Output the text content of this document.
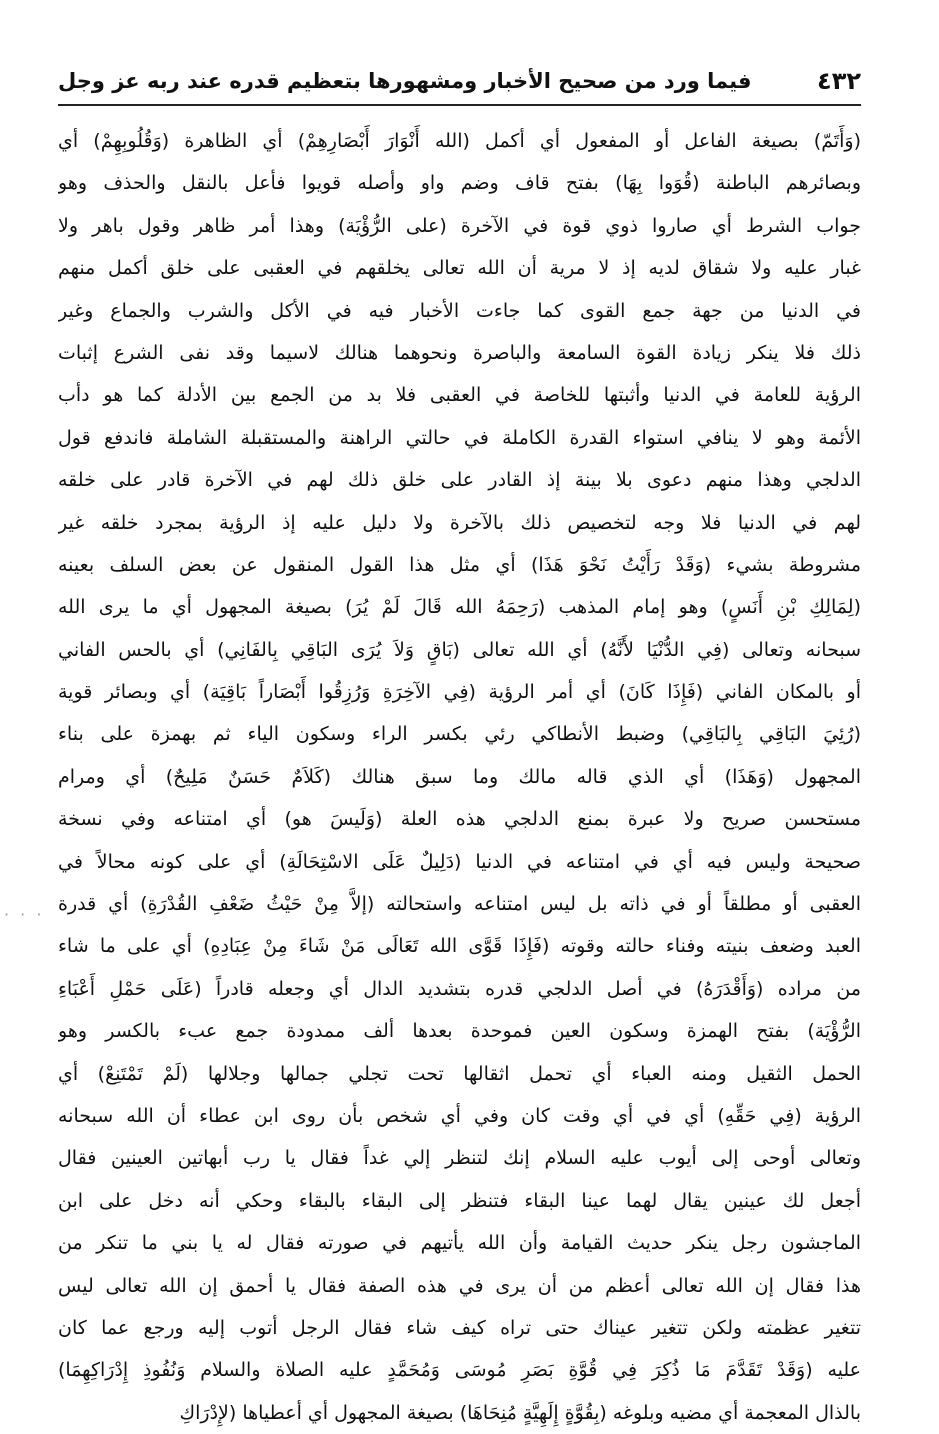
٤٣٢
فيما ورد من صحيح الأخبار ومشهورها بتعظيم قدره عند ربه عز وجل
(وَأَتَمّ) بصيغة الفاعل أو المفعول أي أكمل (الله أَنْوَارَ أَبْصَارِهِمْ) أي الظاهرة (وَقُلُوبِهِمْ) أي
وبصائرهم الباطنة (قُوَوا بِهَا) بفتح قاف وضم واو وأصله قويوا فأعل بالنقل والحذف وهو
جواب الشرط أي صاروا ذوي قوة في الآخرة (على الرُّؤْيَة) وهذا أمر ظاهر وقول باهر ولا
غبار عليه ولا شقاق لديه إذ لا مرية أن الله تعالى يخلقهم في العقبى على خلق أكمل منهم
في الدنيا من جهة جمع القوى كما جاءت الأخبار فيه في الأكل والشرب والجماع وغير
ذلك فلا ينكر زيادة القوة السامعة والباصرة ونحوهما هنالك لاسيما وقد نفى الشرع إثبات
الرؤية للعامة في الدنيا وأثبتها للخاصة في العقبى فلا بد من الجمع بين الأدلة كما هو دأب
الأئمة وهو لا ينافي استواء القدرة الكاملة في حالتي الراهنة والمستقبلة الشاملة فاندفع قول
الدلجي وهذا منهم دعوى بلا بينة إذ القادر على خلق ذلك لهم في الآخرة قادر على خلقه
لهم في الدنيا فلا وجه لتخصيص ذلك بالآخرة ولا دليل عليه إذ الرؤية بمجرد خلقه غير
مشروطة بشيء (وَقَدْ رَأَيْتُ نَحْوَ هَذَا) أي مثل هذا القول المنقول عن بعض السلف بعينه
(لِمَالِكِ بْنِ أَنَسٍ) وهو إمام المذهب (رَحِمَهُ الله قَالَ لَمْ يُرَ) بصيغة المجهول أي ما يرى الله
سبحانه وتعالى (فِي الدُّنْيَا لأَنَّهُ) أي الله تعالى (بَاقٍ وَلاَ يُرَى البَاقِي بِالفَانِي) أي بالحس الفاني
أو بالمكان الفاني (فَإِذَا كَانَ) أي أمر الرؤية (فِي الآخِرَةِ وَرُزِقُوا أَبْصَاراً بَاقِيَة) أي وبصائر قوية
(رُئِيَ البَاقِي بِالبَاقِي) وضبط الأنطاكي رئي بكسر الراء وسكون الياء ثم بهمزة على بناء
المجهول (وَهَذَا) أي الذي قاله مالك وما سبق هنالك (كَلاَمٌ حَسَنٌ مَلِيحٌ) أي ومرام
مستحسن صريح ولا عبرة بمنع الدلجي هذه العلة (وَلَيسَ هو) أي امتناعه وفي نسخة
صحيحة وليس فيه أي في امتناعه في الدنيا (دَلِيلٌ عَلَى الاسْتِحَالَةِ) أي على كونه محالاً في
العقبى أو مطلقاً أو في ذاته بل ليس امتناعه واستحالته (إلاَّ مِنْ حَيْثُ ضَعْفِ القُدْرَةِ) أي قدرة
العبد وضعف بنيته وفناء حالته وقوته (فَإِذَا قَوَّى الله تَعَالَى مَنْ شَاءَ مِنْ عِبَادِهِ) أي على ما شاء
من مراده (وَأَقْدَرَهُ) في أصل الدلجي قدره بتشديد الدال أي وجعله قادراً (عَلَى حَمْلِ أَعْبَاءِ
الرُّؤْيَة) بفتح الهمزة وسكون العين فموحدة بعدها ألف ممدودة جمع عبء بالكسر وهو
الحمل الثقيل ومنه العباء أي تحمل اثقالها تحت تجلي جمالها وجلالها (لَمْ تَمْتَنِعْ) أي
الرؤية (فِي حَقِّهِ) أي في أي وقت كان وفي أي شخص بأن روى ابن عطاء أن الله سبحانه
وتعالى أوحى إلى أيوب عليه السلام إنك لتنظر إلي غداً فقال يا رب أبهاتين العينين فقال
أجعل لك عينين يقال لهما عينا البقاء فتنظر إلى البقاء بالبقاء وحكي أنه دخل على ابن
الماجشون رجل ينكر حديث القيامة وأن الله يأتيهم في صورته فقال له يا بني ما تنكر من
هذا فقال إن الله تعالى أعظم من أن يرى في هذه الصفة فقال يا أحمق إن الله تعالى ليس
تتغير عظمته ولكن تتغير عيناك حتى تراه كيف شاء فقال الرجل أتوب إليه ورجع عما كان
عليه (وَقَدْ تَقَدَّمَ مَا ذُكِرَ فِي قُوَّةِ بَصَرِ مُوسَى وَمُحَمَّدٍ عليه الصلاة والسلام وَنُفُوذِ إِدْرَاكِهِمَا)
بالذال المعجمة أي مضيه وبلوغه (بِقُوَّةٍ إِلَهِيَّةٍ مُنِحَاهَا) بصيغة المجهول أي أعطياها (لإِدْرَاكِ
· · ·
